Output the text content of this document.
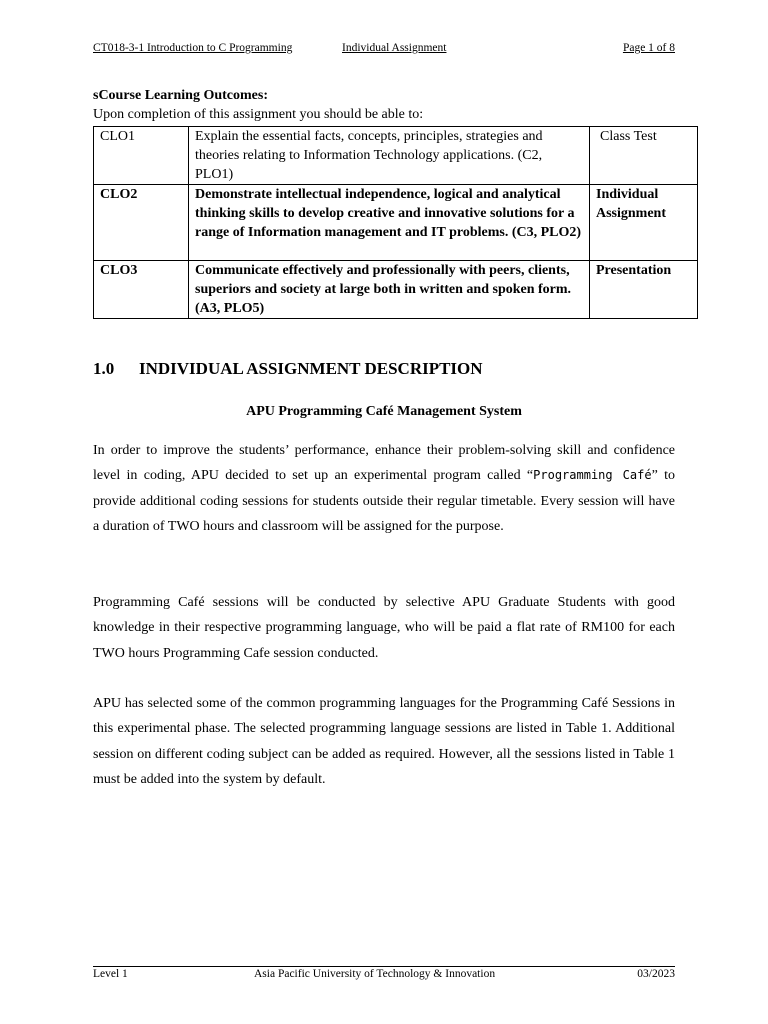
CT018-3-1 Introduction to C Programming	Individual Assignment	Page 1 of 8
sCourse Learning Outcomes:
Upon completion of this assignment you should be able to:
CLO1	Explain the essential facts, concepts, principles, strategies and theories relating to Information Technology applications. (C2, PLO1)	Class Test
CLO2	Demonstrate intellectual independence, logical and analytical thinking skills to develop creative and innovative solutions for a range of Information management and IT problems. (C3, PLO2)	Individual Assignment
CLO3	Communicate effectively and professionally with peers, clients, superiors and society at large both in written and spoken form. (A3, PLO5)	Presentation
1.0 INDIVIDUAL ASSIGNMENT DESCRIPTION
APU Programming Café Management System
In order to improve the students’ performance, enhance their problem-solving skill and confidence level in coding, APU decided to set up an experimental program called “Programming Café” to provide additional coding sessions for students outside their regular timetable. Every session will have a duration of TWO hours and classroom will be assigned for the purpose.
Programming Café sessions will be conducted by selective APU Graduate Students with good knowledge in their respective programming language, who will be paid a flat rate of RM100 for each TWO hours Programming Cafe session conducted.
APU has selected some of the common programming languages for the Programming Café Sessions in this experimental phase. The selected programming language sessions are listed in Table 1. Additional session on different coding subject can be added as required. However, all the sessions listed in Table 1 must be added into the system by default.
Level 1	Asia Pacific University of Technology & Innovation	03/2023
